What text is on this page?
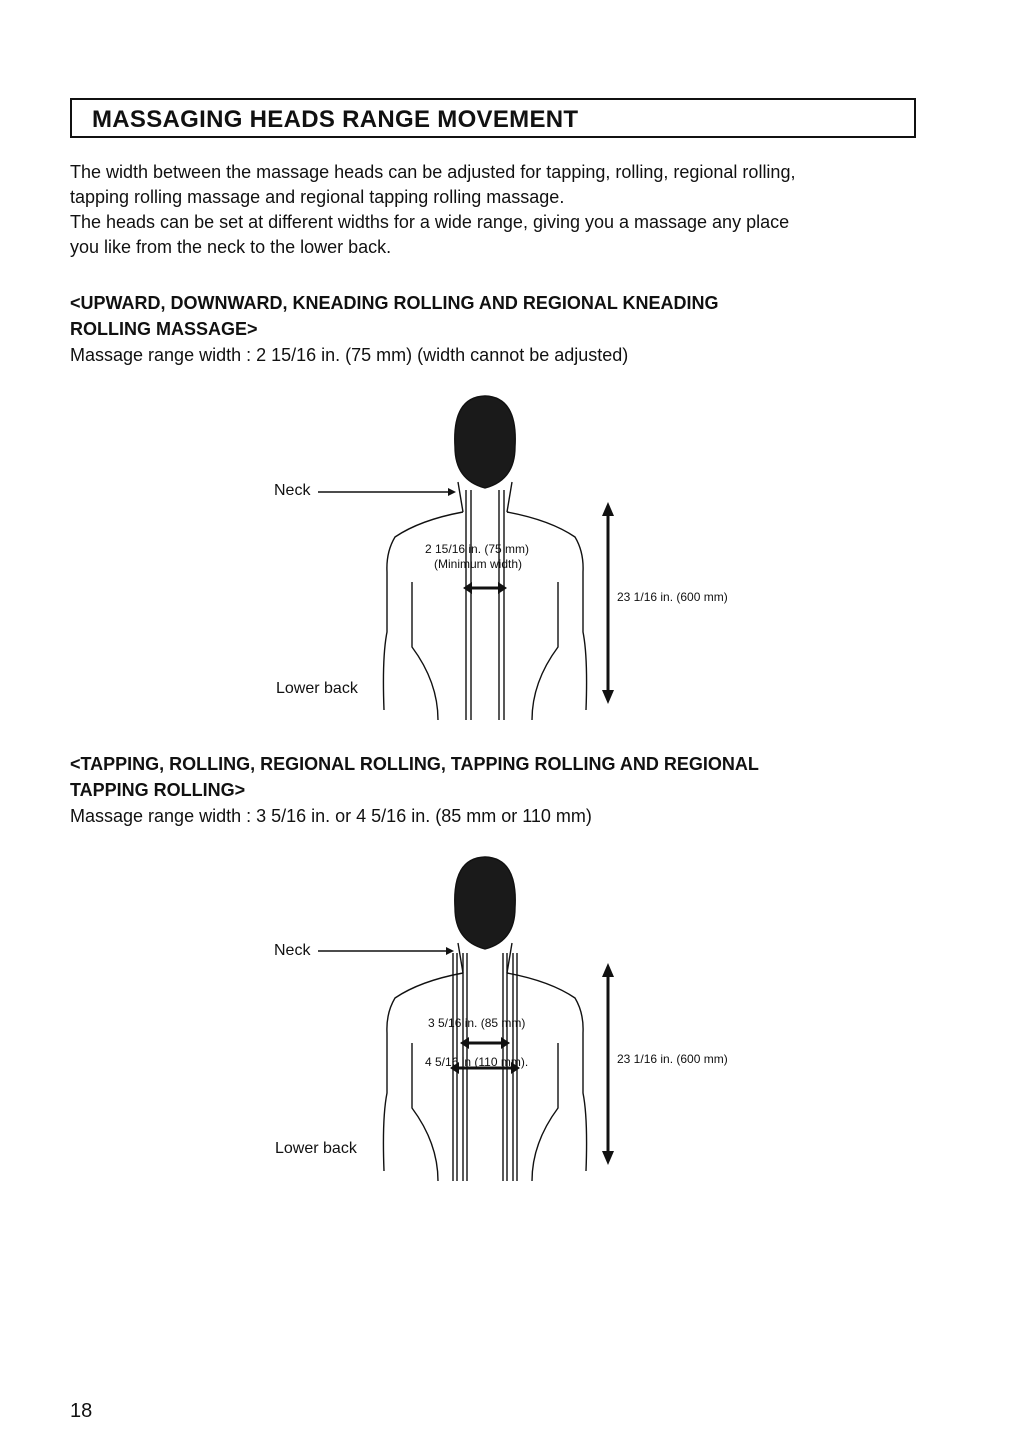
MASSAGING HEADS RANGE MOVEMENT
The width between the massage heads can be adjusted for tapping, rolling, regional rolling,
tapping rolling massage and regional tapping rolling massage.
The heads can be set at different widths for a wide range, giving you a massage any place
you like from the neck to the lower back.
<UPWARD, DOWNWARD, KNEADING ROLLING AND REGIONAL KNEADING
ROLLING MASSAGE>
Massage range width : 2 15/16 in. (75 mm) (width cannot be adjusted)
Neck
Lower back
2 15/16 in. (75 mm)
(Minimum width)
23 1/16 in. (600 mm)
<TAPPING, ROLLING, REGIONAL ROLLING, TAPPING ROLLING AND REGIONAL
TAPPING ROLLING>
Massage range width : 3 5/16 in. or 4 5/16 in. (85 mm or 110 mm)
Neck
Lower back
3 5/16 in. (85 mm)
4 5/16 in (110 mm).	23 1/16 in. (600 mm)
18
